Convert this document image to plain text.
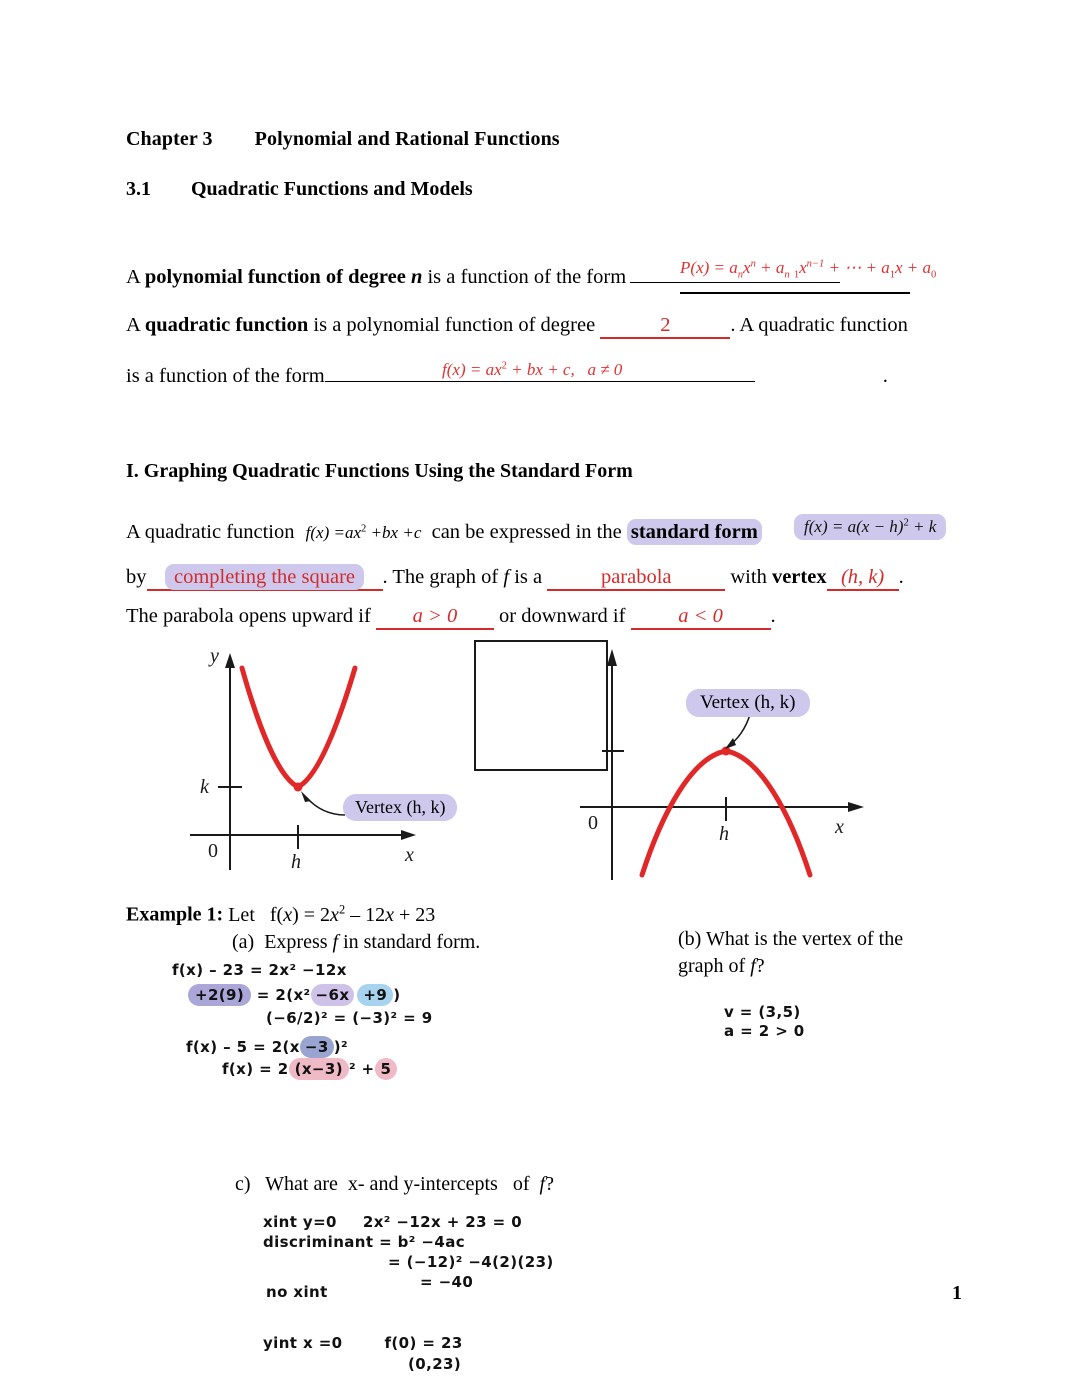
Chapter 3 Polynomial and Rational Functions
3.1 Quadratic Functions and Models
A polynomial function of degree n is a function of the form	$P(x) = a_nx^n + a_n$ $_1x^{n-1}$ + ⋯ + $a_1x + a_0$
A quadratic function is a polynomial function of degree	2	. A quadratic function
is a function of the form	.
$f(x) = ax^2$ + bx + c,   a ≠ 0
I. Graphing Quadratic Functions Using the Standard Form
A quadratic function $f(x) =ax^2 +bx +c$ can be expressed in the standard form	$f(x) = a(x - h)^2 + k$
by completing the square . The graph of f is a	parabola	with vertex (h, k) .
The parabola opens upward if a > 0 or downward if a < 0 .
y
x
k
h
0
Vertex (h, k)
x
h
0
Vertex (h, k)
Example 1: Let   $f(x) = 2x^2 - 12x + 23$
(a)  Express f in standard form.	(b) What is the vertex of the
graph of f?
f(x) – 23 = 2x² −12x
+2(9) = 2(x² −6x +9 )
(−6/2)² = (−3)² = 9
f(x) – 5 = 2(x −3 )²
f(x) = 2 (x−3) ² + 5
v = (3,5)
a = 2 > 0
c)   What are  x- and y-intercepts   of  f?
xint y=0 2x² −12x + 23 = 0
discriminant = b² −4ac
= (−12)² −4(2)(23)
= −40
no xint
yint x =0	f(0) = 23
(0,23)
1
